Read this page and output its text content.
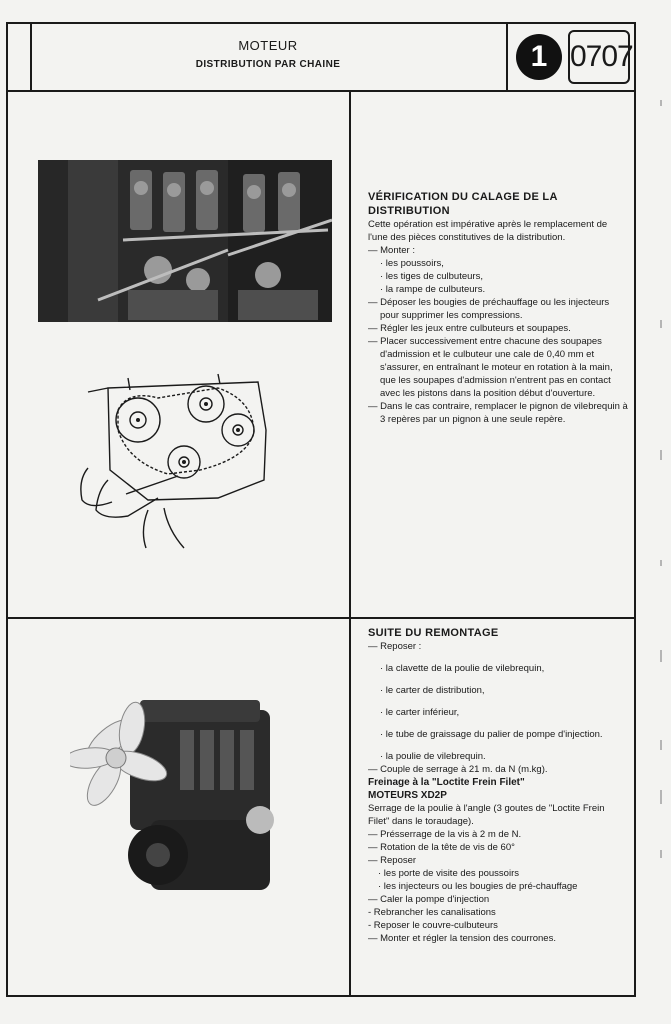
MOTEUR
DISTRIBUTION PAR CHAINE	1 0707
VÉRIFICATION DU CALAGE DE LA
DISTRIBUTION

Cette opération est impérative après le remplacement de l'une des pièces constitutives de la distribution.

— Monter :

· les poussoirs,

· les tiges de culbuteurs,

· la rampe de culbuteurs.

— Déposer les bougies de préchauffage ou les injecteurs pour supprimer les compressions.

— Régler les jeux entre culbuteurs et soupapes.

— Placer successivement entre chacune des soupapes d'admission et le culbuteur une cale de 0,40 mm et s'assurer, en entraînant le moteur en rotation à la main, que les soupapes d'admission n'entrent pas en contact avec les pistons dans la position début d'ouverture.

— Dans le cas contraire, remplacer le pignon de vilebrequin à 3 repères par un pignon à une seule repère.

SUITE DU REMONTAGE

— Reposer :

· la clavette de la poulie de vilebrequin,

· le carter de distribution,

· le carter inférieur,

· le tube de graissage du palier de pompe d'injection.

· la poulie de vilebrequin.

— Couple de serrage à 21 m. da N (m.kg).

Freinage à la "Loctite Frein Filet"
MOTEURS XD2P

Serrage de la poulie à l'angle (3 goutes de "Loctite Frein Filet" dans le toraudage).

— Présserrage de la vis à 2 m de N.

— Rotation de la tête de vis de 60°

— Reposer

· les porte de visite des poussoirs

· les injecteurs ou les bougies de pré-chauffage

— Caler la pompe d'injection

- Rebrancher les canalisations

- Reposer le couvre-culbuteurs

— Monter et régler la tension des courrones.
